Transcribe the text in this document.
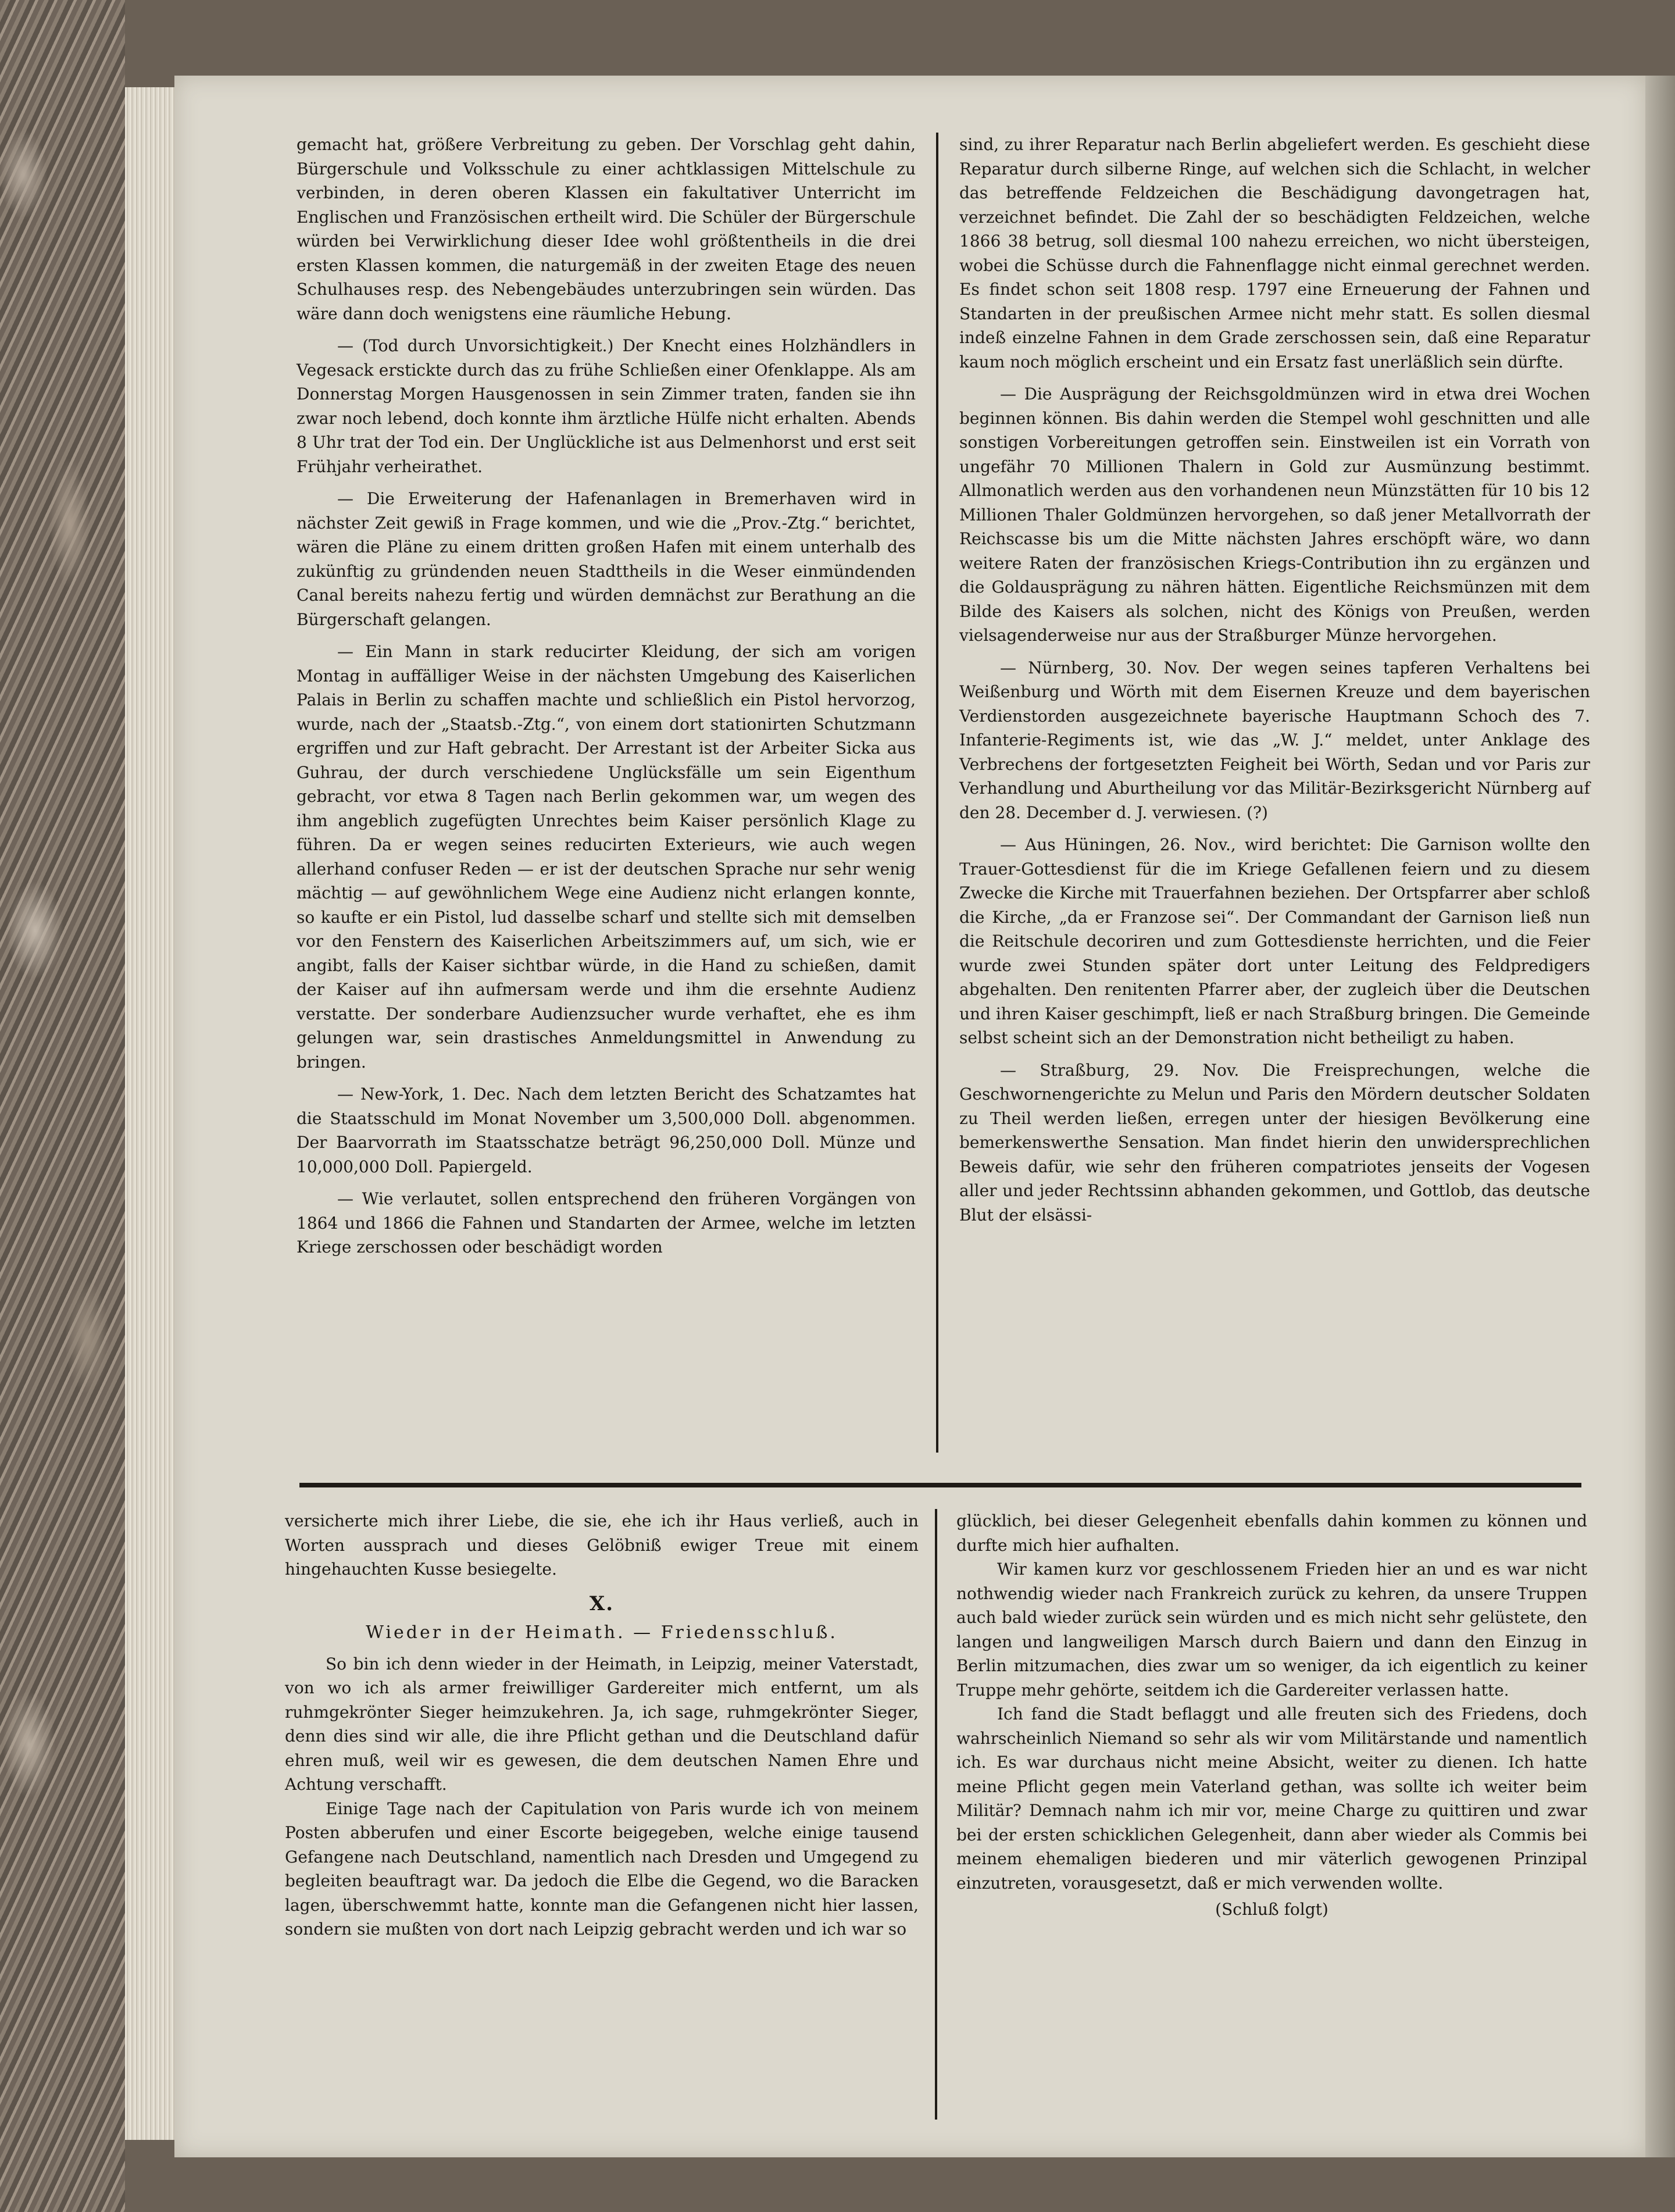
gemacht hat, größere Verbreitung zu geben. Der Vorschlag geht dahin, Bürgerschule und Volksschule zu einer achtklassigen Mittelschule zu verbinden, in deren oberen Klassen ein fakultativer Unterricht im Englischen und Französischen ertheilt wird. Die Schüler der Bürgerschule würden bei Verwirklichung dieser Idee wohl größtentheils in die drei ersten Klassen kommen, die naturgemäß in der zweiten Etage des neuen Schulhauses resp. des Nebengebäudes unterzubringen sein würden. Das wäre dann doch wenigstens eine räumliche Hebung.

— (Tod durch Unvorsichtigkeit.) Der Knecht eines Holzhändlers in Vegesack erstickte durch das zu frühe Schließen einer Ofenklappe. Als am Donnerstag Morgen Hausgenossen in sein Zimmer traten, fanden sie ihn zwar noch lebend, doch konnte ihm ärztliche Hülfe nicht erhalten. Abends 8 Uhr trat der Tod ein. Der Unglückliche ist aus Delmenhorst und erst seit Frühjahr verheirathet.

— Die Erweiterung der Hafenanlagen in Bremerhaven wird in nächster Zeit gewiß in Frage kommen, und wie die „Prov.-Ztg.“ berichtet, wären die Pläne zu einem dritten großen Hafen mit einem unterhalb des zukünftig zu gründenden neuen Stadttheils in die Weser einmündenden Canal bereits nahezu fertig und würden demnächst zur Berathung an die Bürgerschaft gelangen.

— Ein Mann in stark reducirter Kleidung, der sich am vorigen Montag in auffälliger Weise in der nächsten Umgebung des Kaiserlichen Palais in Berlin zu schaffen machte und schließlich ein Pistol hervorzog, wurde, nach der „Staatsb.-Ztg.“, von einem dort stationirten Schutzmann ergriffen und zur Haft gebracht. Der Arrestant ist der Arbeiter Sicka aus Guhrau, der durch verschiedene Unglücksfälle um sein Eigenthum gebracht, vor etwa 8 Tagen nach Berlin gekommen war, um wegen des ihm angeblich zugefügten Unrechtes beim Kaiser persönlich Klage zu führen. Da er wegen seines reducirten Exterieurs, wie auch wegen allerhand confuser Reden — er ist der deutschen Sprache nur sehr wenig mächtig — auf gewöhnlichem Wege eine Audienz nicht erlangen konnte, so kaufte er ein Pistol, lud dasselbe scharf und stellte sich mit demselben vor den Fenstern des Kaiserlichen Arbeitszimmers auf, um sich, wie er angibt, falls der Kaiser sichtbar würde, in die Hand zu schießen, damit der Kaiser auf ihn aufmersam werde und ihm die ersehnte Audienz verstatte. Der sonderbare Audienzsucher wurde verhaftet, ehe es ihm gelungen war, sein drastisches Anmeldungsmittel in Anwendung zu bringen.

— New-York, 1. Dec. Nach dem letzten Bericht des Schatzamtes hat die Staatsschuld im Monat November um 3,500,000 Doll. abgenommen. Der Baarvorrath im Staatsschatze beträgt 96,250,000 Doll. Münze und 10,000,000 Doll. Papiergeld.

— Wie verlautet, sollen entsprechend den früheren Vorgängen von 1864 und 1866 die Fahnen und Standarten der Armee, welche im letzten Kriege zerschossen oder beschädigt worden

sind, zu ihrer Reparatur nach Berlin abgeliefert werden. Es geschieht diese Reparatur durch silberne Ringe, auf welchen sich die Schlacht, in welcher das betreffende Feldzeichen die Beschädigung davongetragen hat, verzeichnet befindet. Die Zahl der so beschädigten Feldzeichen, welche 1866 38 betrug, soll diesmal 100 nahezu erreichen, wo nicht übersteigen, wobei die Schüsse durch die Fahnenflagge nicht einmal gerechnet werden. Es findet schon seit 1808 resp. 1797 eine Erneuerung der Fahnen und Standarten in der preußischen Armee nicht mehr statt. Es sollen diesmal indeß einzelne Fahnen in dem Grade zerschossen sein, daß eine Reparatur kaum noch möglich erscheint und ein Ersatz fast unerläßlich sein dürfte.

— Die Ausprägung der Reichsgoldmünzen wird in etwa drei Wochen beginnen können. Bis dahin werden die Stempel wohl geschnitten und alle sonstigen Vorbereitungen getroffen sein. Einstweilen ist ein Vorrath von ungefähr 70 Millionen Thalern in Gold zur Ausmünzung bestimmt. Allmonatlich werden aus den vorhandenen neun Münzstätten für 10 bis 12 Millionen Thaler Goldmünzen hervorgehen, so daß jener Metallvorrath der Reichscasse bis um die Mitte nächsten Jahres erschöpft wäre, wo dann weitere Raten der französischen Kriegs-Contribution ihn zu ergänzen und die Goldausprägung zu nähren hätten. Eigentliche Reichsmünzen mit dem Bilde des Kaisers als solchen, nicht des Königs von Preußen, werden vielsagenderweise nur aus der Straßburger Münze hervorgehen.

— Nürnberg, 30. Nov. Der wegen seines tapferen Verhaltens bei Weißenburg und Wörth mit dem Eisernen Kreuze und dem bayerischen Verdienstorden ausgezeichnete bayerische Hauptmann Schoch des 7. Infanterie-Regiments ist, wie das „W. J.“ meldet, unter Anklage des Verbrechens der fortgesetzten Feigheit bei Wörth, Sedan und vor Paris zur Verhandlung und Aburtheilung vor das Militär-Bezirksgericht Nürnberg auf den 28. December d. J. verwiesen. (?)

— Aus Hüningen, 26. Nov., wird berichtet: Die Garnison wollte den Trauer-Gottesdienst für die im Kriege Gefallenen feiern und zu diesem Zwecke die Kirche mit Trauerfahnen beziehen. Der Ortspfarrer aber schloß die Kirche, „da er Franzose sei“. Der Commandant der Garnison ließ nun die Reitschule decoriren und zum Gottesdienste herrichten, und die Feier wurde zwei Stunden später dort unter Leitung des Feldpredigers abgehalten. Den renitenten Pfarrer aber, der zugleich über die Deutschen und ihren Kaiser geschimpft, ließ er nach Straßburg bringen. Die Gemeinde selbst scheint sich an der Demonstration nicht betheiligt zu haben.

— Straßburg, 29. Nov. Die Freisprechungen, welche die Geschwornengerichte zu Melun und Paris den Mördern deutscher Soldaten zu Theil werden ließen, erregen unter der hiesigen Bevölkerung eine bemerkenswerthe Sensation. Man findet hierin den unwidersprechlichen Beweis dafür, wie sehr den früheren compatriotes jenseits der Vogesen aller und jeder Rechtssinn abhanden gekommen, und Gottlob, das deutsche Blut der elsässi-

versicherte mich ihrer Liebe, die sie, ehe ich ihr Haus verließ, auch in Worten aussprach und dieses Gelöbniß ewiger Treue mit einem hingehauchten Kusse besiegelte.

X.
Wieder in der Heimath. — Friedensschluß.

So bin ich denn wieder in der Heimath, in Leipzig, meiner Vaterstadt, von wo ich als armer freiwilliger Gardereiter mich entfernt, um als ruhmgekrönter Sieger heimzukehren. Ja, ich sage, ruhmgekrönter Sieger, denn dies sind wir alle, die ihre Pflicht gethan und die Deutschland dafür ehren muß, weil wir es gewesen, die dem deutschen Namen Ehre und Achtung verschafft.

Einige Tage nach der Capitulation von Paris wurde ich von meinem Posten abberufen und einer Escorte beigegeben, welche einige tausend Gefangene nach Deutschland, namentlich nach Dresden und Umgegend zu begleiten beauftragt war. Da jedoch die Elbe die Gegend, wo die Baracken lagen, überschwemmt hatte, konnte man die Gefangenen nicht hier lassen, sondern sie mußten von dort nach Leipzig gebracht werden und ich war so

glücklich, bei dieser Gelegenheit ebenfalls dahin kommen zu können und durfte mich hier aufhalten.

Wir kamen kurz vor geschlossenem Frieden hier an und es war nicht nothwendig wieder nach Frankreich zurück zu kehren, da unsere Truppen auch bald wieder zurück sein würden und es mich nicht sehr gelüstete, den langen und langweiligen Marsch durch Baiern und dann den Einzug in Berlin mitzumachen, dies zwar um so weniger, da ich eigentlich zu keiner Truppe mehr gehörte, seitdem ich die Gardereiter verlassen hatte.

Ich fand die Stadt beflaggt und alle freuten sich des Friedens, doch wahrscheinlich Niemand so sehr als wir vom Militärstande und namentlich ich. Es war durchaus nicht meine Absicht, weiter zu dienen. Ich hatte meine Pflicht gegen mein Vaterland gethan, was sollte ich weiter beim Militär? Demnach nahm ich mir vor, meine Charge zu quittiren und zwar bei der ersten schicklichen Gelegenheit, dann aber wieder als Commis bei meinem ehemaligen biederen und mir väterlich gewogenen Prinzipal einzutreten, vorausgesetzt, daß er mich verwenden wollte.

(Schluß folgt)
